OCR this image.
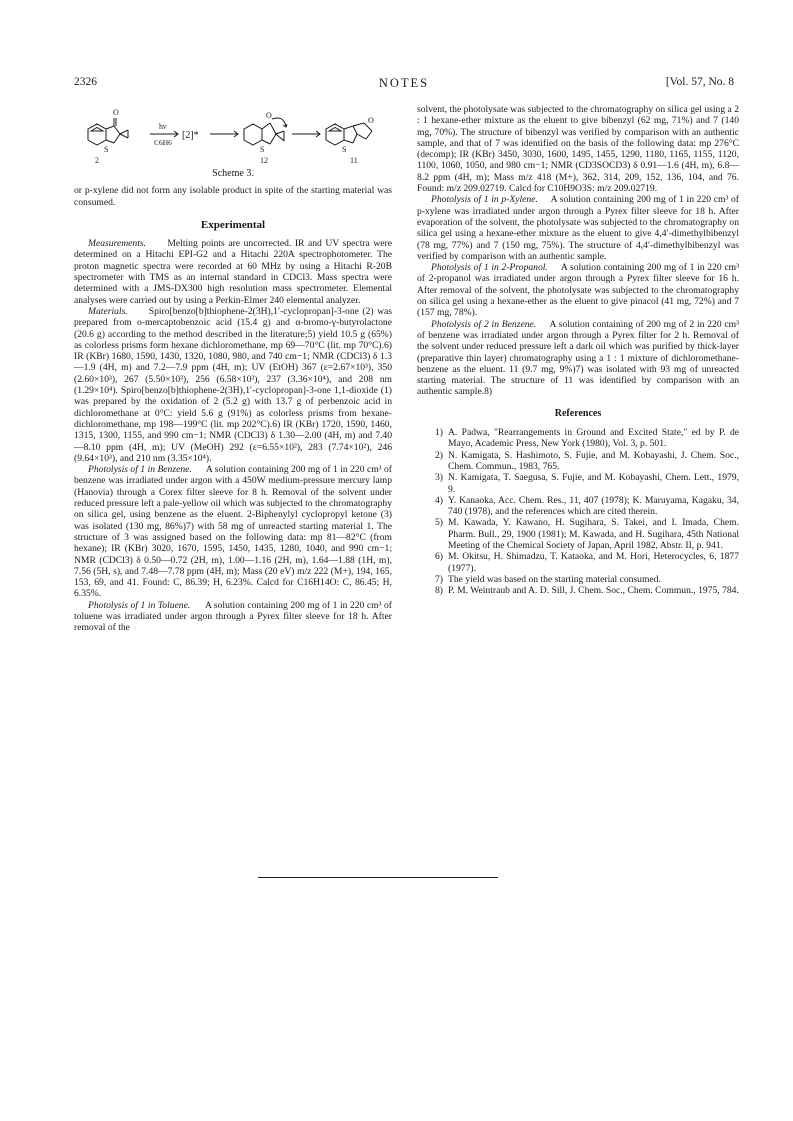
2326	NOTES	[Vol. 57, No. 8
O
S
2
hν
C6H6
[2]*
O
S
12
O
S
11
Scheme 3.

or p-xylene did not form any isolable product in spite of the starting material was consumed.

Experimental

Measurements. Melting points are uncorrected. IR and UV spectra were determined on a Hitachi EPI-G2 and a Hitachi 220A spectrophotometer. The proton magnetic spectra were recorded at 60 MHz by using a Hitachi R-20B spectrometer with TMS as an internal standard in CDCl3. Mass spectra were determined with a JMS-DX300 high resolution mass spectrometer. Elemental analyses were carried out by using a Perkin-Elmer 240 elemental analyzer.

Materials. Spiro[benzo[b]thiophene-2(3H),1′-cyclopropan]-3-one (2) was prepared from o-mercaptobenzoic acid (15.4 g) and α-bromo-γ-butyrolactone (20.6 g) according to the method described in the literature;5) yield 10.5 g (65%) as colorless prisms form hexane dichloromethane, mp 69—70°C (lit. mp 70°C).6) IR (KBr) 1680, 1590, 1430, 1320, 1080, 980, and 740 cm−1; NMR (CDCl3) δ 1.3—1.9 (4H, m) and 7.2—7.9 ppm (4H, m); UV (EtOH) 367 (ε=2.67×10³), 350 (2.60×10³), 267 (5.50×10³), 256 (6.58×10³), 237 (3.36×10⁴), and 208 nm (1.29×10⁴). Spiro[benzo[b]thiophene-2(3H),1′-cyclopropan]-3-one 1,1-dioxide (1) was prepared by the oxidation of 2 (5.2 g) with 13.7 g of perbenzoic acid in dichloromethane at 0°C: yield 5.6 g (91%) as colorless prisms from hexane-dichloromethane, mp 198—199°C (lit. mp 202°C).6) IR (KBr) 1720, 1590, 1460, 1315, 1300, 1155, and 990 cm−1; NMR (CDCl3) δ 1.30—2.00 (4H, m) and 7.40—8.10 ppm (4H, m); UV (MeOH) 292 (ε=6.55×10²), 283 (7.74×10²), 246 (9.64×10³), and 210 nm (3.35×10⁴).

Photolysis of 1 in Benzene. A solution containing 200 mg of 1 in 220 cm³ of benzene was irradiated under argon with a 450W medium-pressure mercury lamp (Hanovia) through a Corex filter sleeve for 8 h. Removal of the solvent under reduced pressure left a pale-yellow oil which was subjected to the chromatography on silica gel, using benzene as the eluent. 2-Biphenylyl cyclopropyl ketone (3) was isolated (130 mg, 86%)7) with 58 mg of unreacted starting material 1. The structure of 3 was assigned based on the following data: mp 81—82°C (from hexane); IR (KBr) 3020, 1670, 1595, 1450, 1435, 1280, 1040, and 990 cm−1; NMR (CDCl3) δ 0.50—0.72 (2H, m), 1.00—1.16 (2H, m), 1.64—1.88 (1H, m), 7.56 (5H, s), and 7.48—7.78 ppm (4H, m); Mass (20 eV) m/z 222 (M+), 194, 165, 153, 69, and 41. Found: C, 86.39; H, 6.23%. Calcd for C16H14O: C, 86.45; H, 6.35%.

Photolysis of 1 in Toluene. A solution containing 200 mg of 1 in 220 cm³ of toluene was irradiated under argon through a Pyrex filter sleeve for 18 h. After removal of the

solvent, the photolysate was subjected to the chromatography on silica gel using a 2 : 1 hexane-ether mixture as the eluent to give bibenzyl (62 mg, 71%) and 7 (140 mg, 70%). The structure of bibenzyl was verified by comparison with an authentic sample, and that of 7 was identified on the basis of the following data: mp 276°C (decomp); IR (KBr) 3450, 3030, 1600, 1495, 1455, 1290, 1180, 1165, 1155, 1120, 1100, 1060, 1050, and 980 cm−1; NMR (CD3SOCD3) δ 0.91—1.6 (4H, m), 6.8—8.2 ppm (4H, m); Mass m/z 418 (M+), 362, 314, 209, 152, 136, 104, and 76. Found: m/z 209.02719. Calcd for C10H9O3S: m/z 209.02719.

Photolysis of 1 in p-Xylene. A solution containing 200 mg of 1 in 220 cm³ of p-xylene was irradiated under argon through a Pyrex filter sleeve for 18 h. After evaporation of the solvent, the photolysate was subjected to the chromatography on silica gel using a hexane-ether mixture as the eluent to give 4,4′-dimethylbibenzyl (78 mg, 77%) and 7 (150 mg, 75%). The structure of 4,4′-dimethylbibenzyl was verified by comparison with an authentic sample.

Photolysis of 1 in 2-Propanol. A solution containing 200 mg of 1 in 220 cm³ of 2-propanol was irradiated under argon through a Pyrex filter sleeve for 16 h. After removal of the solvent, the photolysate was subjected to the chromatography on silica gel using a hexane-ether as the eluent to give pinacol (41 mg, 72%) and 7 (157 mg, 78%).

Photolysis of 2 in Benzene. A solution containing of 200 mg of 2 in 220 cm³ of benzene was irradiated under argon through a Pyrex filter for 2 h. Removal of the solvent under reduced pressure left a dark oil which was purified by thick-layer (preparative thin layer) chromatography using a 1 : 1 mixture of dichloromethane-benzene as the eluent. 11 (9.7 mg, 9%)7) was isolated with 93 mg of unreacted starting material. The structure of 11 was identified by comparison with an authentic sample.8)

References
1) A. Padwa, "Rearrangements in Ground and Excited State," ed by P. de Mayo, Academic Press, New York (1980), Vol. 3, p. 501.
2) N. Kamigata, S. Hashimoto, S. Fujie, and M. Kobayashi, J. Chem. Soc., Chem. Commun., 1983, 765.
3) N. Kamigata, T. Saegusa, S. Fujie, and M. Kobayashi, Chem. Lett., 1979, 9.
4) Y. Kanaoka, Acc. Chem. Res., 11, 407 (1978); K. Maruyama, Kagaku, 34, 740 (1978), and the references which are cited therein.
5) M. Kawada, Y. Kawano, H. Sugihara, S. Takei, and I. Imada, Chem. Pharm. Bull., 29, 1900 (1981); M. Kawada, and H. Sugihara, 45th National Meeting of the Chemical Society of Japan, April 1982, Abstr. II, p. 941.
6) M. Okitsu, H. Shimadzu, T. Kataoka, and M. Hori, Heterocycles, 6, 1877 (1977).
7) The yield was based on the starting material consumed.
8) P. M. Weintraub and A. D. Sill, J. Chem. Soc., Chem. Commun., 1975, 784.
